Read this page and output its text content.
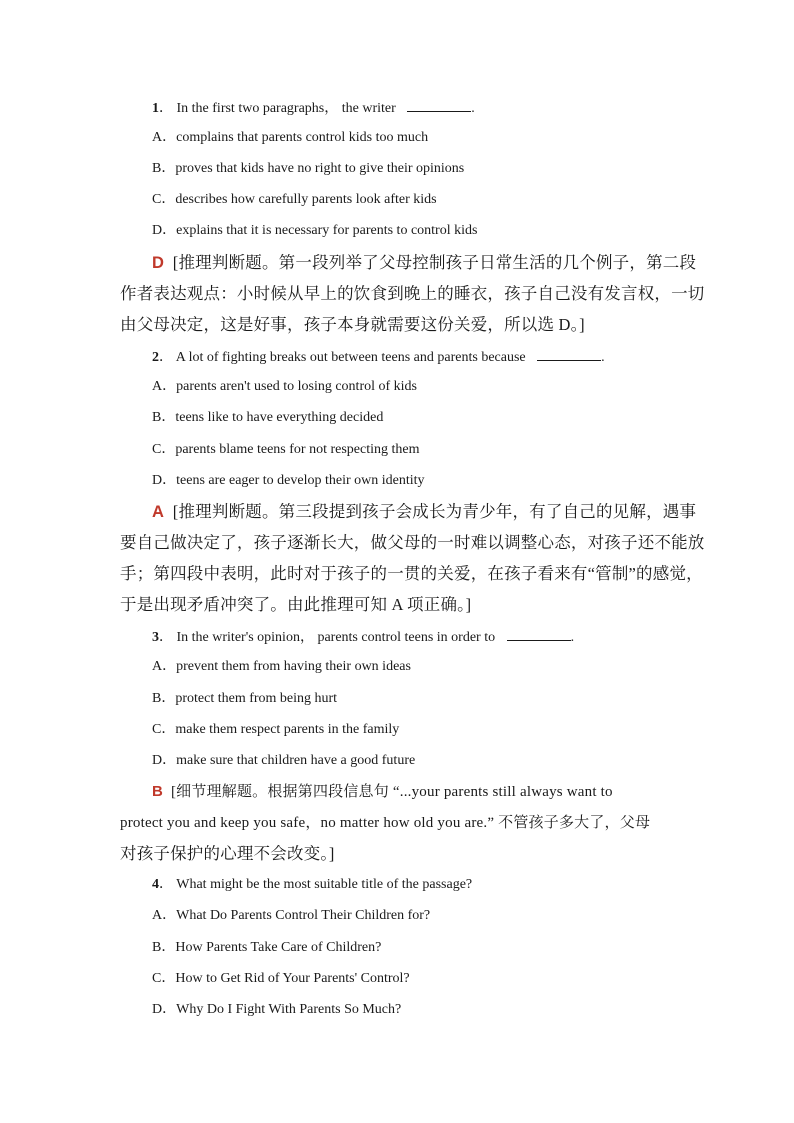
1． In the first two paragraphs， the writer	.
A．complains that parents control kids too much
B．proves that kids have no right to give their opinions
C．describes how carefully parents look after kids
D．explains that it is necessary for parents to control kids
D [推理判断题。第一段列举了父母控制孩子日常生活的几个例子，第二段
作者表达观点：小时候从早上的饮食到晚上的睡衣，孩子自己没有发言权，一切
由父母决定，这是好事，孩子本身就需要这份关爱，所以选 D。]
2． A lot of fighting breaks out between teens and parents because	.
A．parents aren't used to losing control of kids
B．teens like to have everything decided
C．parents blame teens for not respecting them
D．teens are eager to develop their own identity
A [推理判断题。第三段提到孩子会成长为青少年，有了自己的见解，遇事
要自己做决定了，孩子逐渐长大，做父母的一时难以调整心态，对孩子还不能放
手；第四段中表明，此时对于孩子的一贯的关爱，在孩子看来有“管制”的感觉，
于是出现矛盾冲突了。由此推理可知 A 项正确。]
3． In the writer's opinion， parents control teens in order to	.
A．prevent them from having their own ideas
B．protect them from being hurt
C．make them respect parents in the family
D．make sure that children have a good future
B [细节理解题。根据第四段信息句 “...your parents still always want to
protect you and keep you safe，no matter how old you are.” 不管孩子多大了，父母
对孩子保护的心理不会改变。]
4． What might be the most suitable title of the passage?
A．What Do Parents Control Their Children for?
B．How Parents Take Care of Children?
C．How to Get Rid of Your Parents' Control?
D．Why Do I Fight With Parents So Much?
